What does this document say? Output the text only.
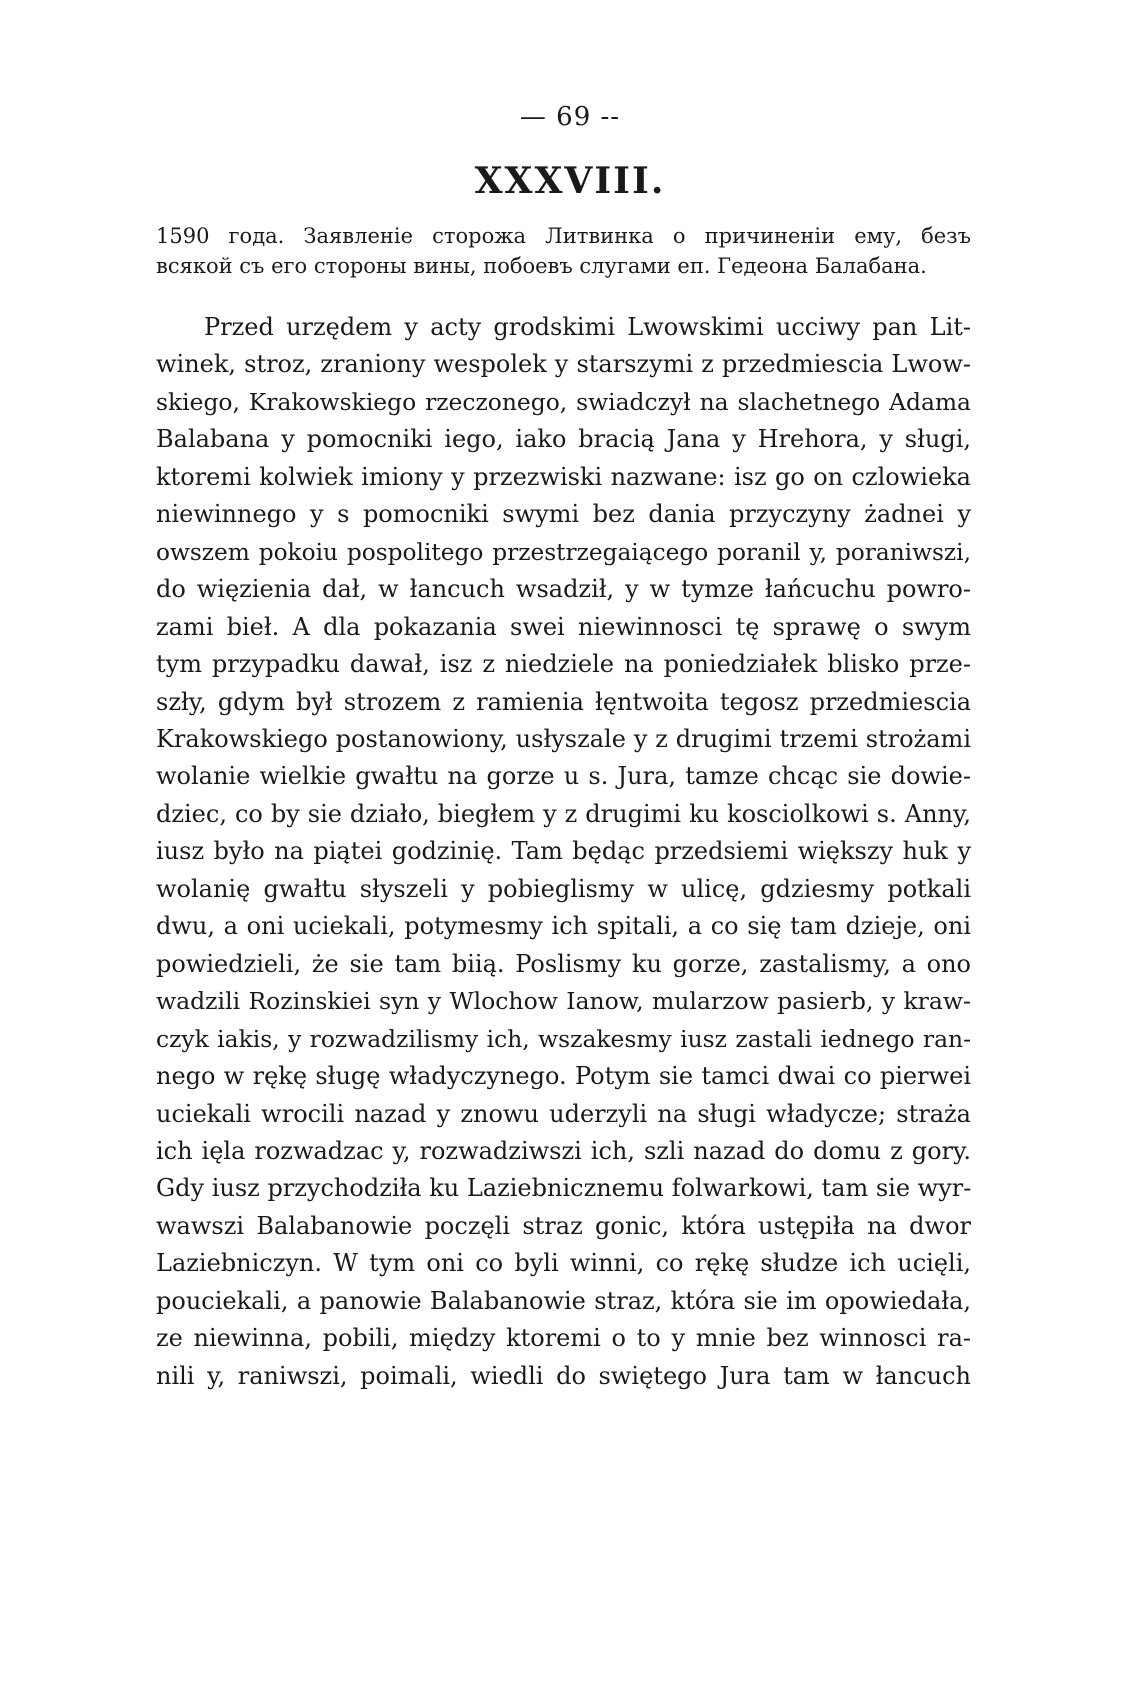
— 69 --
XXXVIII.
1590 года. Заявленіе сторожа Литвинка о причиненіи ему, безъ
всякой съ его стороны вины, побоевъ слугами еп. Гедеона Балабана.
Przed urzędem y acty grodskimi Lwowskimi ucciwy pan Lit-
winek, stroz, zraniony wespolek y starszymi z przedmiescia Lwow-
skiego, Krakowskiego rzeczonego, swiadczył na slachetnego Adama
Balabana y pomocniki iego, iako bracią Jana y Hrehora, y sługi,
ktoremi kolwiek imiony y przezwiski nazwane: isz go on czlowieka
niewinnego y s pomocniki swymi bez dania przyczyny żadnei y
owszem pokoiu pospolitego przestrzegaiącego poranil y, poraniwszi,
do więzienia dał, w łancuch wsadził, y w tymze łańcuchu powro-
zami bieł. A dla pokazania swei niewinnosci tę sprawę o swym
tym przypadku dawał, isz z niedziele na poniedziałek blisko prze-
szły, gdym był strozem z ramienia łęntwoita tegosz przedmiescia
Krakowskiego postanowiony, usłyszale y z drugimi trzemi strożami
wolanie wielkie gwałtu na gorze u s. Jura, tamze chcąc sie dowie-
dziec, co by sie działo, biegłem y z drugimi ku kosciolkowi s. Anny,
iusz było na piątei godzinię. Tam będąc przedsiemi większy huk y
wolanię gwałtu słyszeli y pobieglismy w ulicę, gdziesmy potkali
dwu, a oni uciekali, potymesmy ich spitali, a co się tam dzieje, oni
powiedzieli, że sie tam biią. Poslismy ku gorze, zastalismy, a ono
wadzili Rozinskiei syn y Wlochow Ianow, mularzow pasierb, y kraw-
czyk iakis, y rozwadzilismy ich, wszakesmy iusz zastali iednego ran-
nego w rękę sługę władyczynego. Potym sie tamci dwai co pierwei
uciekali wrocili nazad y znowu uderzyli na sługi władycze; straża
ich ięla rozwadzac y, rozwadziwszi ich, szli nazad do domu z gory.
Gdy iusz przychodziła ku Laziebnicznemu folwarkowi, tam sie wyr-
wawszi Balabanowie poczęli straz gonic, która ustępiła na dwor
Laziebniczyn. W tym oni co byli winni, co rękę słudze ich ucięli,
pouciekali, a panowie Balabanowie straz, która sie im opowiedała,
ze niewinna, pobili, między ktoremi o to y mnie bez winnosci ra-
nili y, raniwszi, poimali, wiedli do swiętego Jura tam w łancuch
